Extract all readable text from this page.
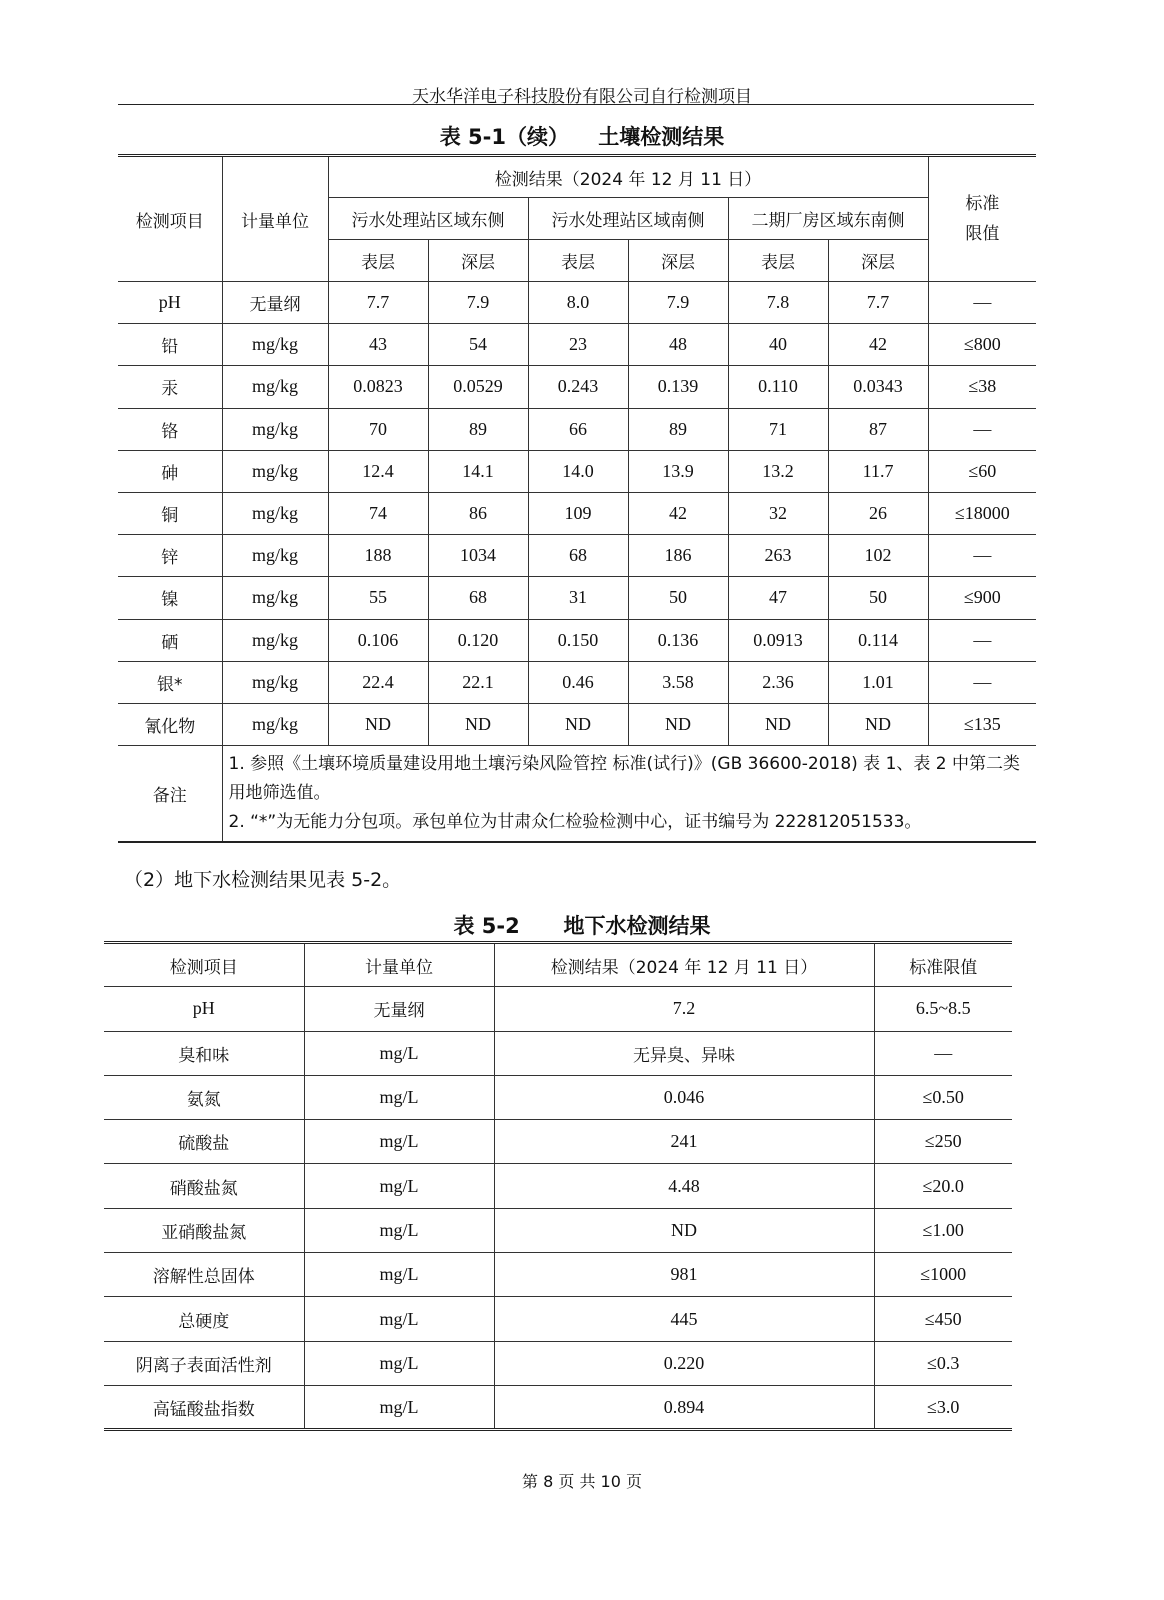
天水华洋电子科技股份有限公司自行检测项目
表 5-1（续）    土壤检测结果
检测项目	计量单位	检测结果（2024 年 12 月 11 日）						标准限值
		污水处理站区域东侧		污水处理站区域南侧		二期厂房区域东南侧		
		表层	深层	表层	深层	表层	深层	
pH	无量纲	7.7	7.9	8.0	7.9	7.8	7.7	—
铅	mg/kg	43	54	23	48	40	42	≤800
汞	mg/kg	0.0823	0.0529	0.243	0.139	0.110	0.0343	≤38
铬	mg/kg	70	89	66	89	71	87	—
砷	mg/kg	12.4	14.1	14.0	13.9	13.2	11.7	≤60
铜	mg/kg	74	86	109	42	32	26	≤18000
锌	mg/kg	188	1034	68	186	263	102	—
镍	mg/kg	55	68	31	50	47	50	≤900
硒	mg/kg	0.106	0.120	0.150	0.136	0.0913	0.114	—
银*	mg/kg	22.4	22.1	0.46	3.58	2.36	1.01	—
氰化物	mg/kg	ND	ND	ND	ND	ND	ND	≤135
备注	1. 参照《土壤环境质量建设用地土壤污染风险管控 标准(试行)》(GB 36600-2018) 表 1、表 2 中第二类用地筛选值。
2. “*”为无能力分包项。承包单位为甘肃众仁检验检测中心，证书编号为 222812051533。							
（2）地下水检测结果见表 5-2。
表 5-2      地下水检测结果
检测项目	计量单位	检测结果（2024 年 12 月 11 日）	标准限值
pH	无量纲	7.2	6.5~8.5
臭和味	mg/L	无异臭、异味	—
氨氮	mg/L	0.046	≤0.50
硫酸盐	mg/L	241	≤250
硝酸盐氮	mg/L	4.48	≤20.0
亚硝酸盐氮	mg/L	ND	≤1.00
溶解性总固体	mg/L	981	≤1000
总硬度	mg/L	445	≤450
阴离子表面活性剂	mg/L	0.220	≤0.3
高锰酸盐指数	mg/L	0.894	≤3.0
第 8 页 共 10 页
